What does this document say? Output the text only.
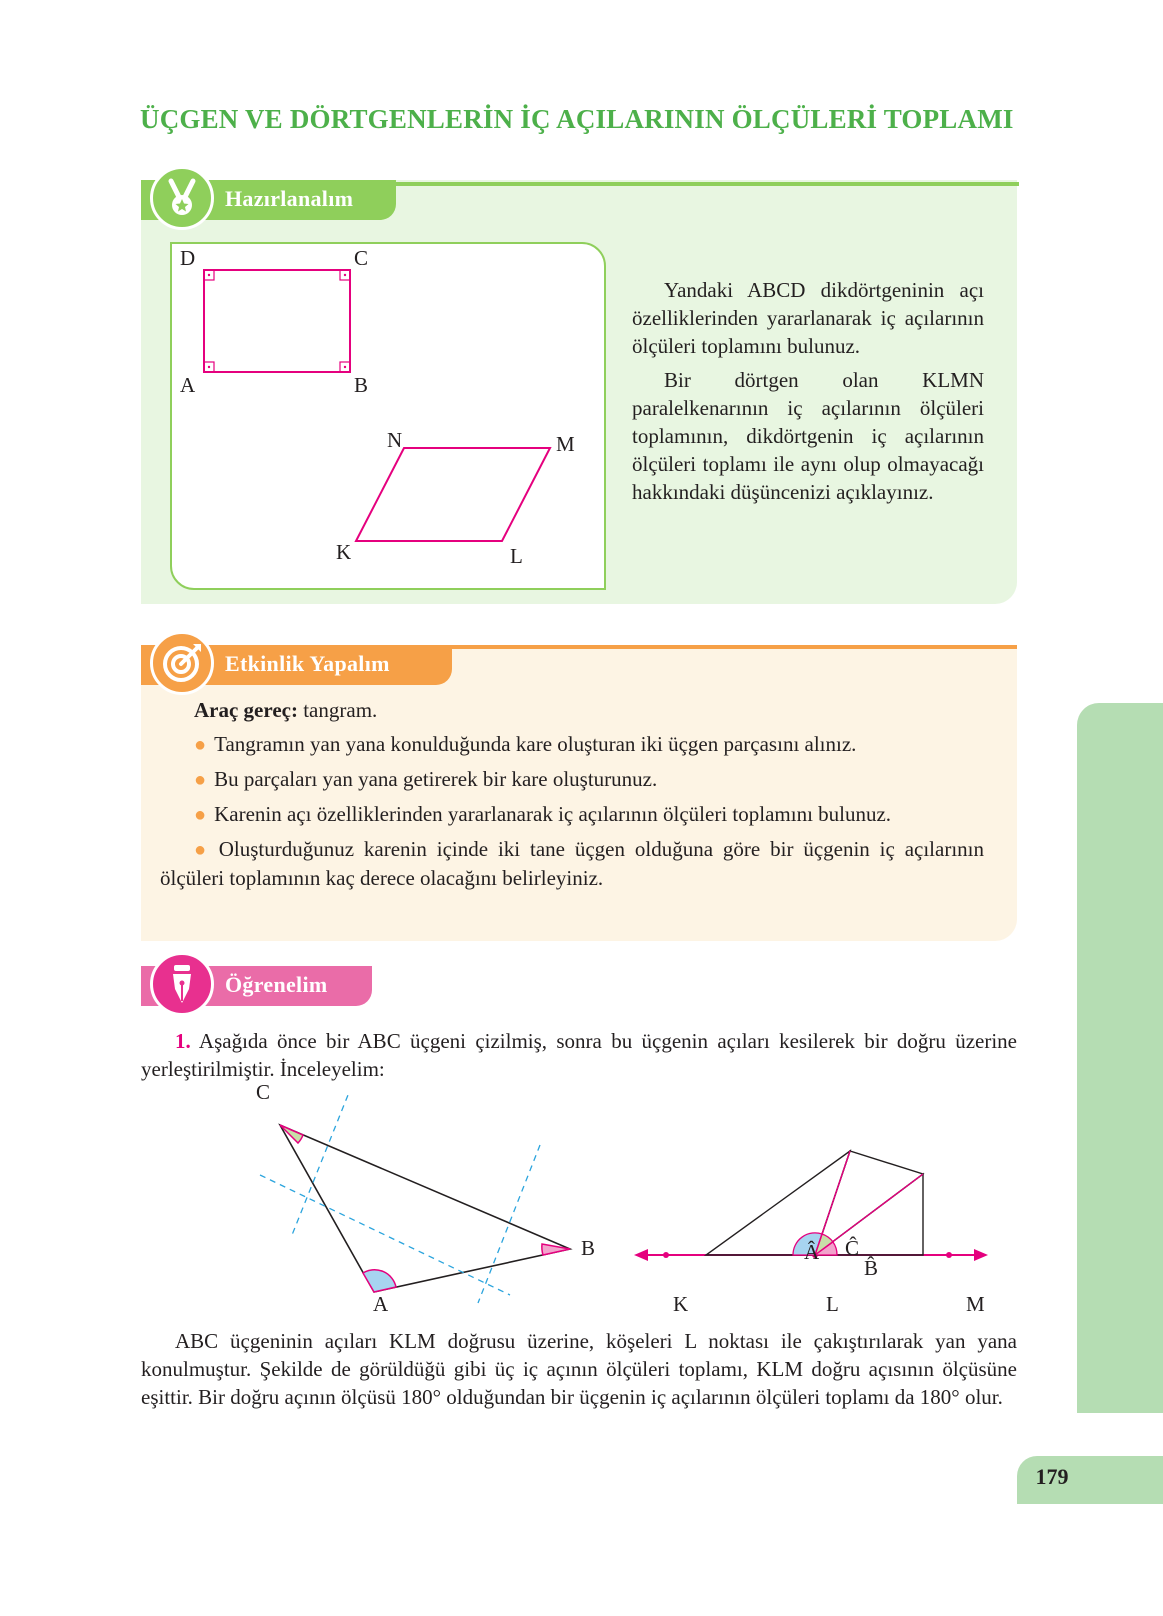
ÜÇGEN VE DÖRTGENLERİN İÇ AÇILARININ ÖLÇÜLERİ TOPLAMI
Hazırlanalım
D	C
A	B
N	M
K	L

Yandaki ABCD dikdörtgeninin açı özelliklerinden yararlanarak iç açılarının ölçüleri toplamını bulunuz.

Bir dörtgen olan KLMN paralelkenarının iç açılarının ölçüleri toplamının, dikdörtgenin iç açılarının ölçüleri toplamı ile aynı olup olmayacağı hakkındaki düşüncenizi açıklayınız.

Etkinlik Yapalım
Araç gereç: tangram.
● Tangramın yan yana konulduğunda kare oluşturan iki üçgen parçasını alınız.
● Bu parçaları yan yana getirerek bir kare oluşturunuz.
● Karenin açı özelliklerinden yararlanarak iç açılarının ölçüleri toplamını bulunuz.
● Oluşturduğunuz karenin içinde iki tane üçgen olduğuna göre bir üçgenin iç açılarının ölçüleri toplamının kaç derece olacağını belirleyiniz.
Öğrenelim
1. Aşağıda önce bir ABC üçgeni çizilmiş, sonra bu üçgenin açıları kesilerek bir doğru üzerine yerleştirilmiştir. İnceleyelim:
C
A
B
K	L	M
Â Ĉ
B̂
ABC üçgeninin açıları KLM doğrusu üzerine, köşeleri L noktası ile çakıştırılarak yan yana konulmuştur. Şekilde de görüldüğü gibi üç iç açının ölçüleri toplamı, KLM doğru açısının ölçüsüne eşittir. Bir doğru açının ölçüsü 180° olduğundan bir üçgenin iç açılarının ölçüleri toplamı da 180° olur.
179
